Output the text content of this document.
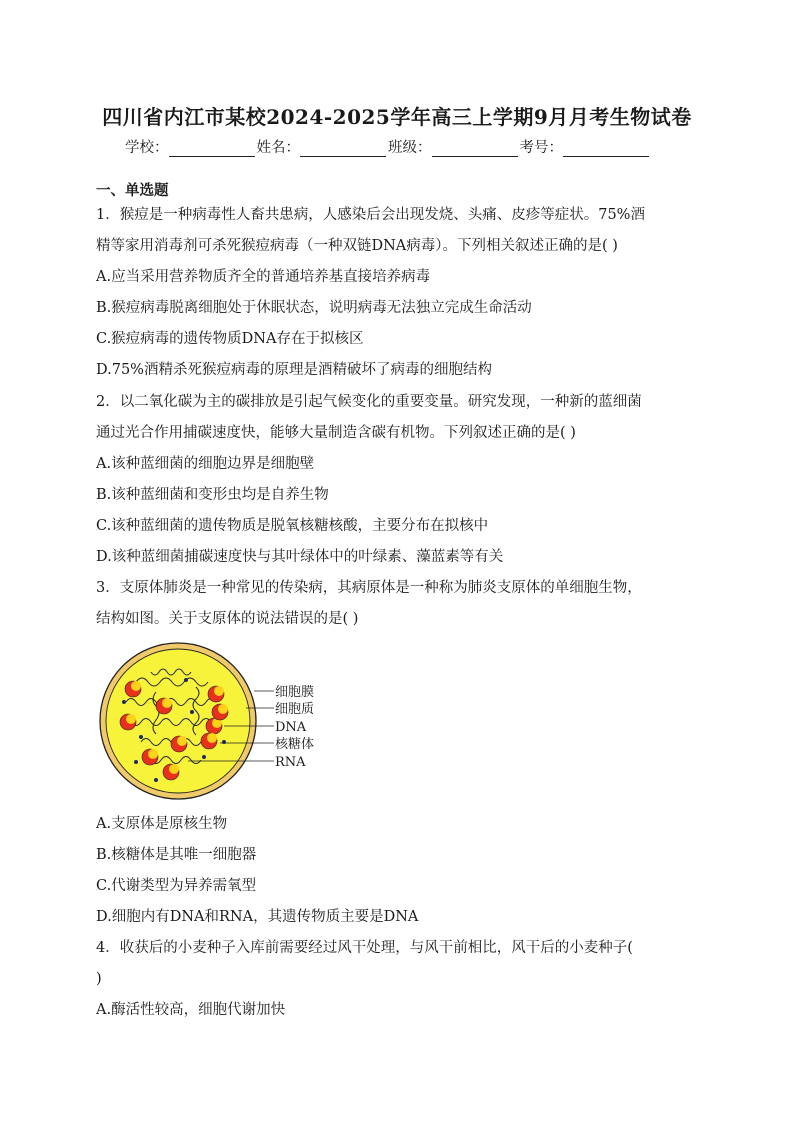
四川省内江市某校2024-2025学年高三上学期9月月考生物试卷
学校：	姓名：	班级：	考号：
一、单选题
1．猴痘是一种病毒性人畜共患病，人感染后会出现发烧、头痛、皮疹等症状。75%酒
精等家用消毒剂可杀死猴痘病毒（一种双链DNA病毒）。下列相关叙述正确的是( )
A.应当采用营养物质齐全的普通培养基直接培养病毒
B.猴痘病毒脱离细胞处于休眠状态，说明病毒无法独立完成生命活动
C.猴痘病毒的遗传物质DNA存在于拟核区
D.75%酒精杀死猴痘病毒的原理是酒精破坏了病毒的细胞结构
2．以二氧化碳为主的碳排放是引起气候变化的重要变量。研究发现，一种新的蓝细菌
通过光合作用捕碳速度快，能够大量制造含碳有机物。下列叙述正确的是( )
A.该种蓝细菌的细胞边界是细胞壁
B.该种蓝细菌和变形虫均是自养生物
C.该种蓝细菌的遗传物质是脱氧核糖核酸，主要分布在拟核中
D.该种蓝细菌捕碳速度快与其叶绿体中的叶绿素、藻蓝素等有关
3．支原体肺炎是一种常见的传染病，其病原体是一种称为肺炎支原体的单细胞生物，
结构如图。关于支原体的说法错误的是( )
细胞膜
细胞质
DNA
核糖体
RNA
A.支原体是原核生物
B.核糖体是其唯一细胞器
C.代谢类型为异养需氧型
D.细胞内有DNA和RNA，其遗传物质主要是DNA
4．收获后的小麦种子入库前需要经过风干处理，与风干前相比，风干后的小麦种子(
)
A.酶活性较高，细胞代谢加快
